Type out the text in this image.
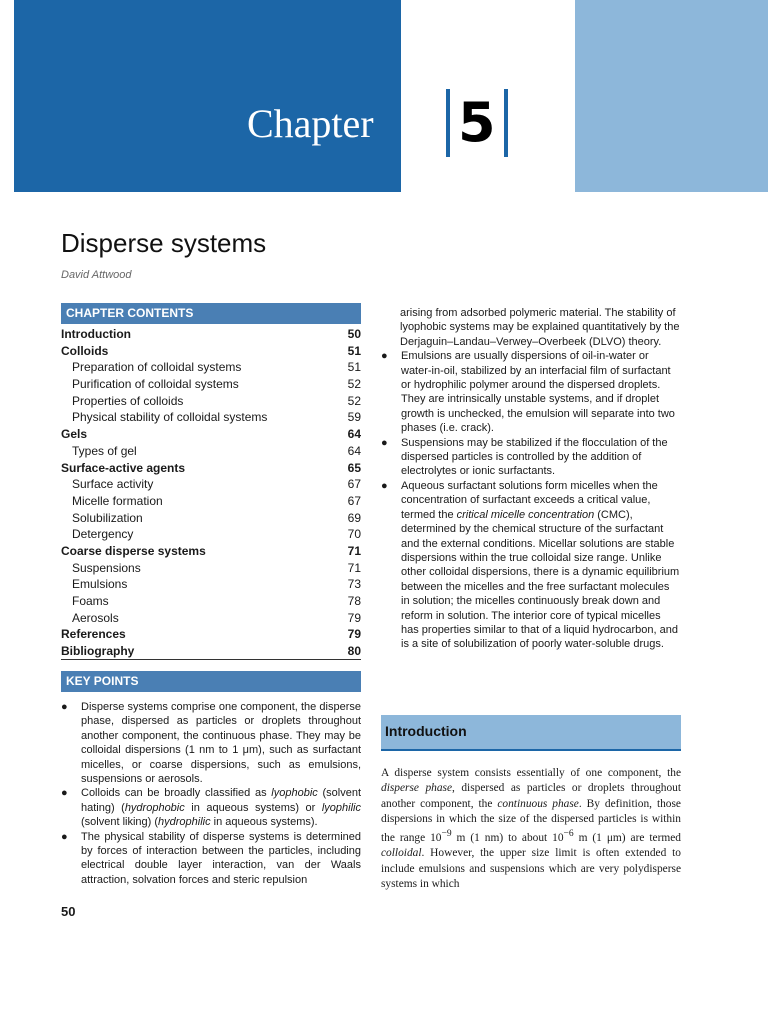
Chapter 5
Disperse systems
David Attwood
CHAPTER CONTENTS
Introduction	50
Colloids	51
Preparation of colloidal systems	51
Purification of colloidal systems	52
Properties of colloids	52
Physical stability of colloidal systems	59
Gels	64
Types of gel	64
Surface-active agents	65
Surface activity	67
Micelle formation	67
Solubilization	69
Detergency	70
Coarse disperse systems	71
Suspensions	71
Emulsions	73
Foams	78
Aerosols	79
References	79
Bibliography	80
KEY POINTS

● Disperse systems comprise one component, the disperse phase, dispersed as particles or droplets throughout another component, the continuous phase. They may be colloidal dispersions (1 nm to 1 μm), such as surfactant micelles, or coarse dispersions, such as emulsions, suspensions or aerosols.

● Colloids can be broadly classified as lyophobic (solvent hating) (hydrophobic in aqueous systems) or lyophilic (solvent liking) (hydrophilic in aqueous systems).

● The physical stability of disperse systems is determined by forces of interaction between the particles, including electrical double layer interaction, van der Waals attraction, solvation forces and steric repulsion

arising from adsorbed polymeric material. The stability of lyophobic systems may be explained quantitatively by the Derjaguin–Landau–Verwey–Overbeek (DLVO) theory.

● Emulsions are usually dispersions of oil-in-water or water-in-oil, stabilized by an interfacial film of surfactant or hydrophilic polymer around the dispersed droplets. They are intrinsically unstable systems, and if droplet growth is unchecked, the emulsion will separate into two phases (i.e. crack).

● Suspensions may be stabilized if the flocculation of the dispersed particles is controlled by the addition of electrolytes or ionic surfactants.

● Aqueous surfactant solutions form micelles when the concentration of surfactant exceeds a critical value, termed the critical micelle concentration (CMC), determined by the chemical structure of the surfactant and the external conditions. Micellar solutions are stable dispersions within the true colloidal size range. Unlike other colloidal dispersions, there is a dynamic equilibrium between the micelles and the free surfactant molecules in solution; the micelles continuously break down and reform in solution. The interior core of typical micelles has properties similar to that of a liquid hydrocarbon, and is a site of solubilization of poorly water-soluble drugs.

Introduction

A disperse system consists essentially of one component, the disperse phase, dispersed as particles or droplets throughout another component, the continuous phase. By definition, those dispersions in which the size of the dispersed particles is within the range $10^{-9}$ m (1 nm) to about $10^{-6}$ m (1 μm) are termed colloidal. However, the upper size limit is often extended to include emulsions and suspensions which are very polydisperse systems in which

50
